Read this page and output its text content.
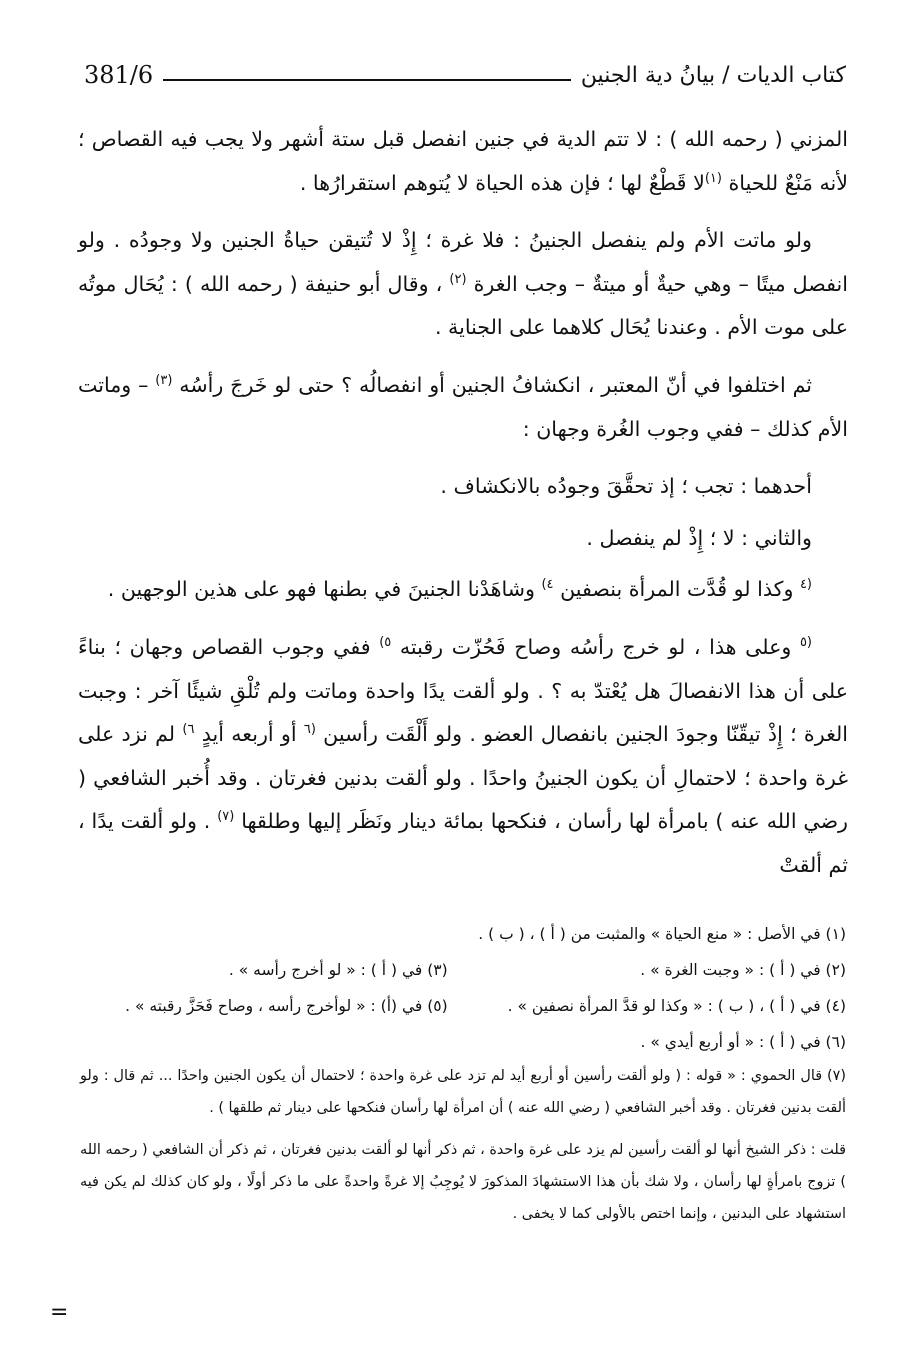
381/6	كتاب الديات / بيانُ دية الجنين

المزني ( رحمه الله ) : لا تتم الدية في جنين انفصل قبل ستة أشهر ولا يجب فيه القصاص ؛ لأنه مَنْعٌ للحياة $^{(١)}$لا قَطْعٌ لها ؛ فإن هذه الحياة لا يُتوهم استقرارُها .

ولو ماتت الأم ولم ينفصل الجنينُ : فلا غرة ؛ إِذْ لا تُتيقن حياةُ الجنين ولا وجودُه . ولو انفصل ميتًا – وهي حيةٌ أو ميتةٌ – وجب الغرة $^{(٢)}$ ، وقال أبو حنيفة ( رحمه الله ) : يُحَال موتُه على موت الأم . وعندنا يُحَال كلاهما على الجناية .

ثم اختلفوا في أنّ المعتبر ، انكشافُ الجنين أو انفصالُه ؟ حتى لو خَرجَ رأسُه $^{(٣)}$ – وماتت الأم كذلك – ففي وجوب الغُرة وجهان :

أحدهما : تجب ؛ إذ تحقَّقَ وجودُه بالانكشاف .

والثاني : لا ؛ إِذْ لم ينفصل .

$^{(٤}$ وكذا لو قُدَّت المرأة بنصفين $^{٤)}$ وشاهَدْنا الجنينَ في بطنها فهو على هذين الوجهين .

$^{(٥}$ وعلى هذا ، لو خرج رأسُه وصاح فَحُزّت رقبته $^{٥)}$ ففي وجوب القصاص وجهان ؛ بناءً على أن هذا الانفصالَ هل يُعْتدّ به ؟ . ولو ألقت يدًا واحدة وماتت ولم تُلْقِ شيئًا آخر : وجبت الغرة ؛ إِذْ تيقّنّا وجودَ الجنين بانفصال العضو . ولو أَلْقَت رأسين $^{(٦}$ أو أربعه أيدٍ $^{٦)}$ لم نزد على غرة واحدة ؛ لاحتمالِ أن يكون الجنينُ واحدًا . ولو ألقت بدنين فغرتان . وقد أُخبر الشافعي ( رضي الله عنه ) بامرأة لها رأسان ، فنكحها بمائة دينار ونَظَر إليها وطلقها $^{(٧)}$ . ولو ألقت يدًا ، ثم ألقتْ

(١) في الأصل : « منع الحياة » والمثبت من ( أ ) ، ( ب ) .
(٢) في ( أ ) : « وجبت الغرة » .
(٣) في ( أ ) : « لو أخرج رأسه » .
(٤) في ( أ ) ، ( ب ) : « وكذا لو قدَّ المرأة نصفين » .
(٥) في (أ) : « لوأخرج رأسه ، وصاح فَحَزَّ رقبته » .
(٦) في ( أ ) : « أو أربع أيدي » .
(٧) قال الحموي : « قوله : ( ولو ألقت رأسين أو أربع أيد لم تزد على غرة واحدة ؛ لاحتمال أن يكون الجنين واحدًا ... ثم قال : ولو ألقت بدنين فغرتان . وقد أخبر الشافعي ( رضي الله عنه ) أن امرأة لها رأسان فنكحها على دينار ثم طلقها ) .
قلت : ذكر الشيخ أنها لو ألقت رأسين لم يزد على غرة واحدة ، ثم ذكر أنها لو ألقت بدنين فغرتان ، ثم ذكر أن الشافعي ( رحمه الله ) تزوج بامرأةٍ لها رأسان ، ولا شك بأن هذا الاستشهادَ المذكورَ لا يُوجِبُ إلا غرةً واحدةً على ما ذكر أولًا ، ولو كان كذلك لم يكن فيه استشهاد على البدنين ، وإنما اختص بالأولى كما لا يخفى .
=
